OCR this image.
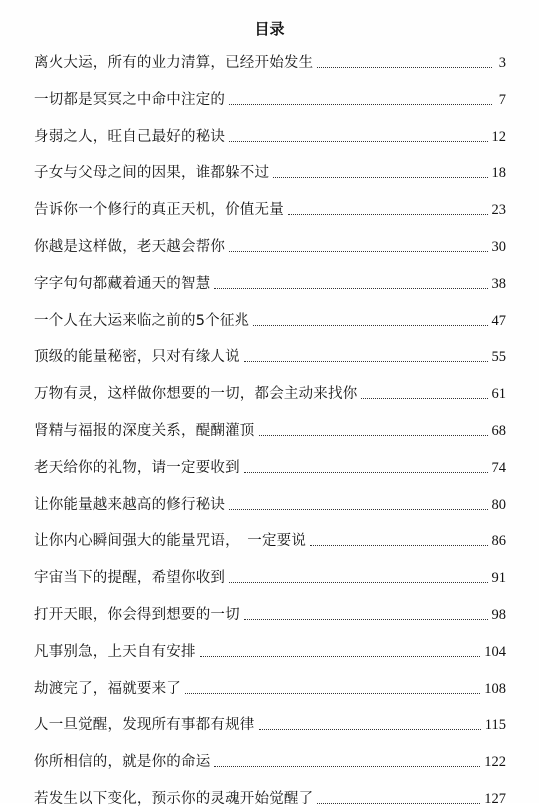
目录
离火大运，所有的业力清算，已经开始发生	3
一切都是冥冥之中命中注定的	7
身弱之人，旺自己最好的秘诀	12
子女与父母之间的因果，谁都躲不过	18
告诉你一个修行的真正天机，价值无量	23
你越是这样做，老天越会帮你	30
字字句句都藏着通天的智慧	38
一个人在大运来临之前的5个征兆	47
顶级的能量秘密，只对有缘人说	55
万物有灵，这样做你想要的一切，都会主动来找你	61
肾精与福报的深度关系，醍醐灌顶	68
老天给你的礼物，请一定要收到	74
让你能量越来越高的修行秘诀	80
让你内心瞬间强大的能量咒语，　一定要说	86
宇宙当下的提醒，希望你收到	91
打开天眼，你会得到想要的一切	98
凡事别急，上天自有安排	104
劫渡完了，福就要来了	108
人一旦觉醒，发现所有事都有规律	115
你所相信的，就是你的命运	122
若发生以下变化，预示你的灵魂开始觉醒了	127
